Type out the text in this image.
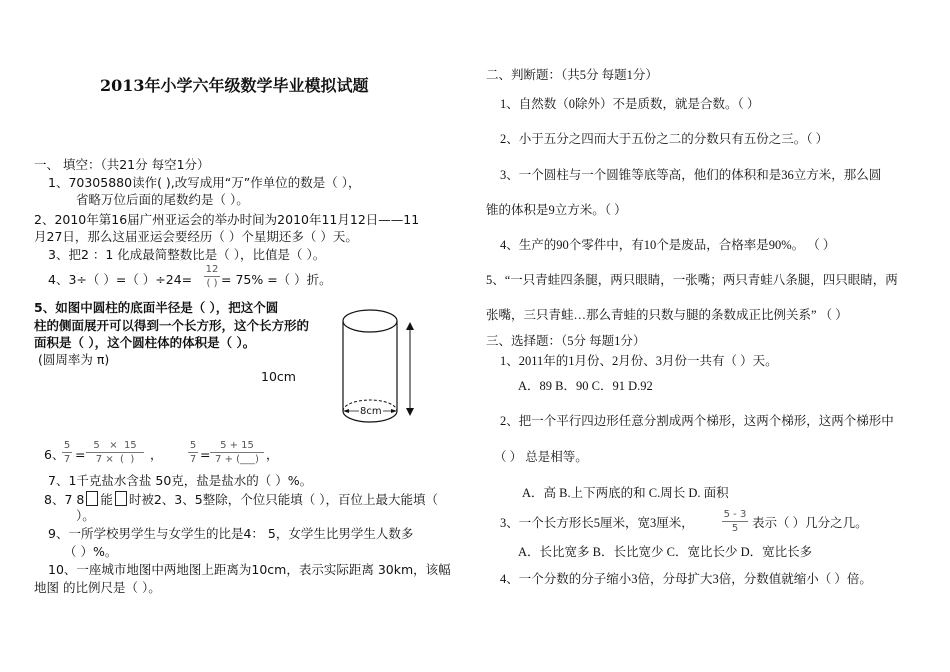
2013年小学六年级数学毕业模拟试题
一、 填空：（共21分 每空1分）
1、70305880读作( ),改写成用“万”作单位的数是（ ），
省略万位后面的尾数约是（ ）。
2、2010年第16届广州亚运会的举办时间为2010年11月12日——11
月27日，那么这届亚运会要经历（ ）个星期还多（ ）天。
3、把2 ：1 化成最简整数比是（ ），比值是（ ）。
4、3÷（ ）=（ ）÷24=
12
( ) = 75% =（ ）折。
5、如图中圆柱的底面半径是（ ），把这个圆
柱的侧面展开可以得到一个长方形，这个长方形的
面积是（ ），这个圆柱体的体积是（ ）。
(圆周率为 π)
8cm
10cm
6、
5
7 =
5   ×  15
7 ×  (  ) ，
5
7 =
5 + 15
7 + (___) ，
7、1千克盐水含盐 50克，盐是盐水的（ ）%。
8、7 8 能 时被2、3、5整除，个位只能填（ ），百位上最大能填（
）。
9、一所学校男学生与女学生的比是4： 5，女学生比男学生人数多
（ ）%。
10、一座城市地图中两地图上距离为10cm，表示实际距离 30km，该幅
地图 的比例尺是（ ）。
二、判断题：（共5分 每题1分）
1、自然数（0除外）不是质数，就是合数。（ ）
2、小于五分之四而大于五份之二的分数只有五份之三。（ ）
3、一个圆柱与一个圆锥等底等高，他们的体积和是36立方米，那么圆
锥的体积是9立方米。（ ）
4、生产的90个零件中，有10个是废品，合格率是90%。 （ ）
5、“一只青蛙四条腿，两只眼睛，一张嘴；两只青蛙八条腿，四只眼睛，两
张嘴，三只青蛙…那么青蛙的只数与腿的条数成正比例关系” （ ）
三、选择题：（5分 每题1分）
1、2011年的1月份、2月份、3月份一共有（ ）天。
A．89 B．90 C．91 D.92
2、把一个平行四边形任意分割成两个梯形，这两个梯形，这两个梯形中
（ ） 总是相等。
A．高 B.上下两底的和 C.周长 D. 面积
3、一个长方形长5厘米，宽3厘米，
5 - 3
5 表示（ ）几分之几。
A．长比宽多 B．长比宽少 C．宽比长少 D．宽比长多
4、一个分数的分子缩小3倍，分母扩大3倍，分数值就缩小（ ）倍。
